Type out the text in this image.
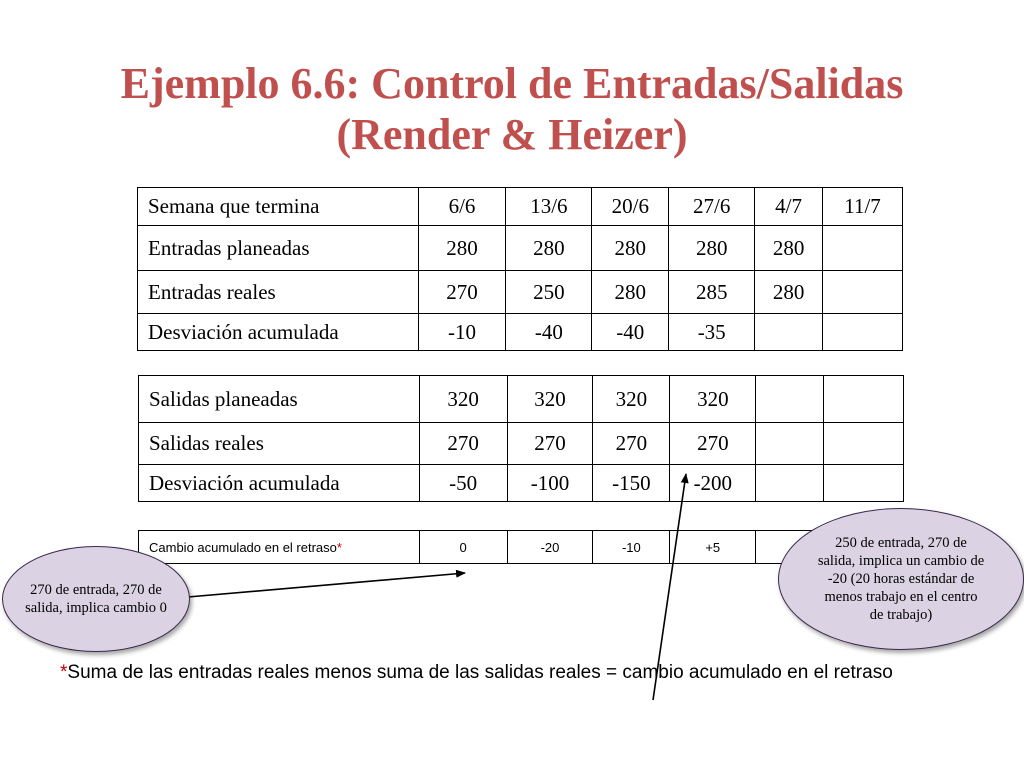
Ejemplo 6.6: Control de Entradas/Salidas
(Render & Heizer)
Semana que termina	6/6	13/6	20/6	27/6	4/7	11/7
Entradas planeadas	280	280	280	280	280	
Entradas reales	270	250	280	285	280	
Desviación acumulada	-10	-40	-40	-35		
Salidas planeadas	320	320	320	320		
Salidas reales	270	270	270	270		
Desviación acumulada	-50	-100	-150	-200		
Cambio acumulado en el retraso*	0	-20	-10	+5		
270 de entrada, 270 de salida, implica cambio 0
250 de entrada, 270 de salida, implica un cambio de -20 (20 horas estándar de menos trabajo en el centro de trabajo)
*Suma de las entradas reales menos suma de las salidas reales = cambio acumulado en el retraso
